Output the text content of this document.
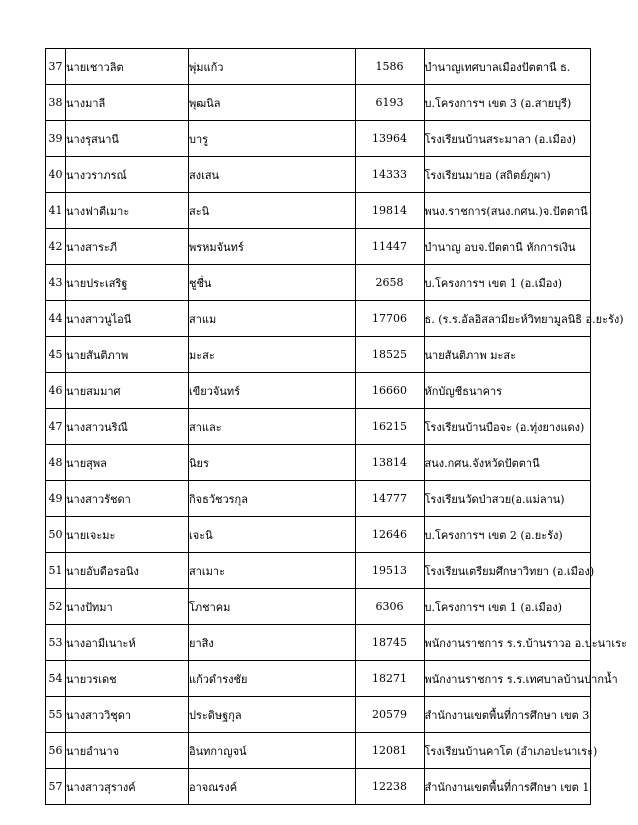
37	นายเชาวลิต	พุ่มแก้ว	1586	บำนาญเทศบาลเมืองปัตตานี ธ.
38	นางมาลี	พุฒนิล	6193	บ.โครงการฯ เขต 3 (อ.สายบุรี)
39	นางรุสนานี	บารู	13964	โรงเรียนบ้านสระมาลา (อ.เมือง)
40	นางวราภรณ์	สงเสน	14333	โรงเรียนมายอ (สถิตย์ภูผา)
41	นางฟาตีเมาะ	สะนิ	19814	พนง.ราชการ(สนง.กศน.)จ.ปัตตานี
42	นางสาระภี	พรหมจันทร์	11447	บำนาญ อบจ.ปัตตานี หักการเงิน
43	นายประเสริฐ	ชูชื่น	2658	บ.โครงการฯ เขต 1 (อ.เมือง)
44	นางสาวนูไอนี	สาแม	17706	ธ. (ร.ร.อัลอิสลามียะห์วิทยามูลนิธิ อ.ยะรัง)
45	นายสันติภาพ	มะสะ	18525	นายสันติภาพ มะสะ
46	นายสมมาศ	เขียวจันทร์	16660	หักบัญชีธนาคาร
47	นางสาวนริณี	สาและ	16215	โรงเรียนบ้านบือจะ (อ.ทุ่งยางแดง)
48	นายสุพล	นิยร	13814	สนง.กศน.จังหวัดปัตตานี
49	นางสาวรัชดา	กิจธวัชวรกุล	14777	โรงเรียนวัดป่าสวย(อ.แม่ลาน)
50	นายเจะมะ	เจะนิ	12646	บ.โครงการฯ เขต 2 (อ.ยะรัง)
51	นายอับดือรอนิง	สาเมาะ	19513	โรงเรียนเตรียมศึกษาวิทยา (อ.เมือง)
52	นางปัทมา	โภชาคม	6306	บ.โครงการฯ เขต 1 (อ.เมือง)
53	นางอามีเนาะห์	ยาสิง	18745	พนักงานราชการ ร.ร.บ้านราวอ อ.ปะนาเระ
54	นายวรเดช	แก้วดำรงชัย	18271	พนักงานราชการ ร.ร.เทศบาลบ้านปากน้ำ
55	นางสาววิชุดา	ประดิษฐกุล	20579	สำนักงานเขตพื้นที่การศึกษา เขต 3
56	นายอำนาจ	อินทกาญจน์	12081	โรงเรียนบ้านคาโต (อำเภอปะนาเระ)
57	นางสาวสุรางค์	อาจณรงค์	12238	สำนักงานเขตพื้นที่การศึกษา เขต 1
